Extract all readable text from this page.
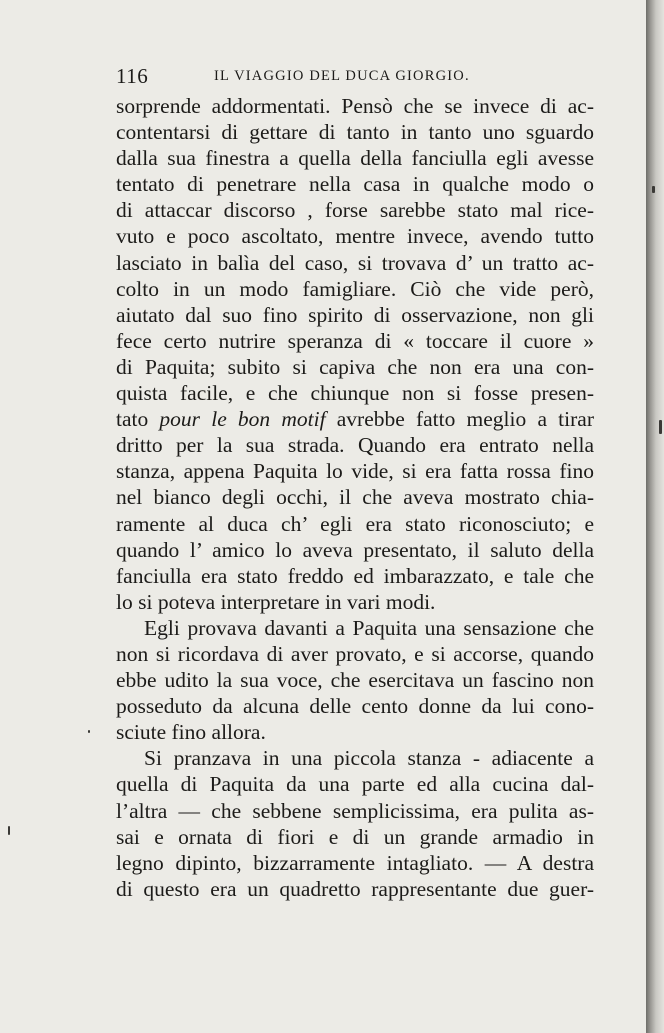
116	IL VIAGGIO DEL DUCA GIORGIO.
sorprende addormentati. Pensò che se invece di ac-
contentarsi di gettare di tanto in tanto uno sguardo
dalla sua finestra a quella della fanciulla egli avesse
tentato di penetrare nella casa in qualche modo o
di attaccar discorso , forse sarebbe stato mal rice-
vuto e poco ascoltato, mentre invece, avendo tutto
lasciato in balìa del caso, si trovava d’ un tratto ac-
colto in un modo famigliare. Ciò che vide però,
aiutato dal suo fino spirito di osservazione, non gli
fece certo nutrire speranza di « toccare il cuore »
di Paquita; subito si capiva che non era una con-
quista facile, e che chiunque non si fosse presen-
tato pour le bon motif avrebbe fatto meglio a tirar
dritto per la sua strada. Quando era entrato nella
stanza, appena Paquita lo vide, si era fatta rossa fino
nel bianco degli occhi, il che aveva mostrato chia-
ramente al duca ch’ egli era stato riconosciuto; e
quando l’ amico lo aveva presentato, il saluto della
fanciulla era stato freddo ed imbarazzato, e tale che
lo si poteva interpretare in vari modi.
Egli provava davanti a Paquita una sensazione che
non si ricordava di aver provato, e si accorse, quando
ebbe udito la sua voce, che esercitava un fascino non
posseduto da alcuna delle cento donne da lui cono-
sciute fino allora.
Si pranzava in una piccola stanza - adiacente a
quella di Paquita da una parte ed alla cucina dal-
l’altra — che sebbene semplicissima, era pulita as-
sai e ornata di fiori e di un grande armadio in
legno dipinto, bizzarramente intagliato. — A destra
di questo era un quadretto rappresentante due guer-
